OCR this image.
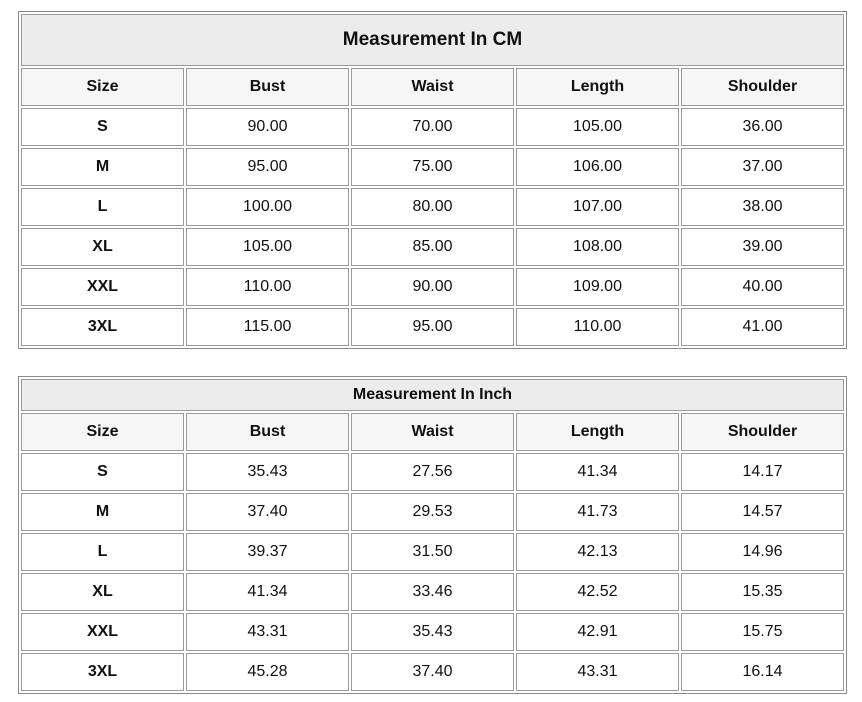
Measurement In CM				
Size	Bust	Waist	Length	Shoulder
S	90.00	70.00	105.00	36.00
M	95.00	75.00	106.00	37.00
L	100.00	80.00	107.00	38.00
XL	105.00	85.00	108.00	39.00
XXL	110.00	90.00	109.00	40.00
3XL	115.00	95.00	110.00	41.00
Measurement In Inch				
Size	Bust	Waist	Length	Shoulder
S	35.43	27.56	41.34	14.17
M	37.40	29.53	41.73	14.57
L	39.37	31.50	42.13	14.96
XL	41.34	33.46	42.52	15.35
XXL	43.31	35.43	42.91	15.75
3XL	45.28	37.40	43.31	16.14
